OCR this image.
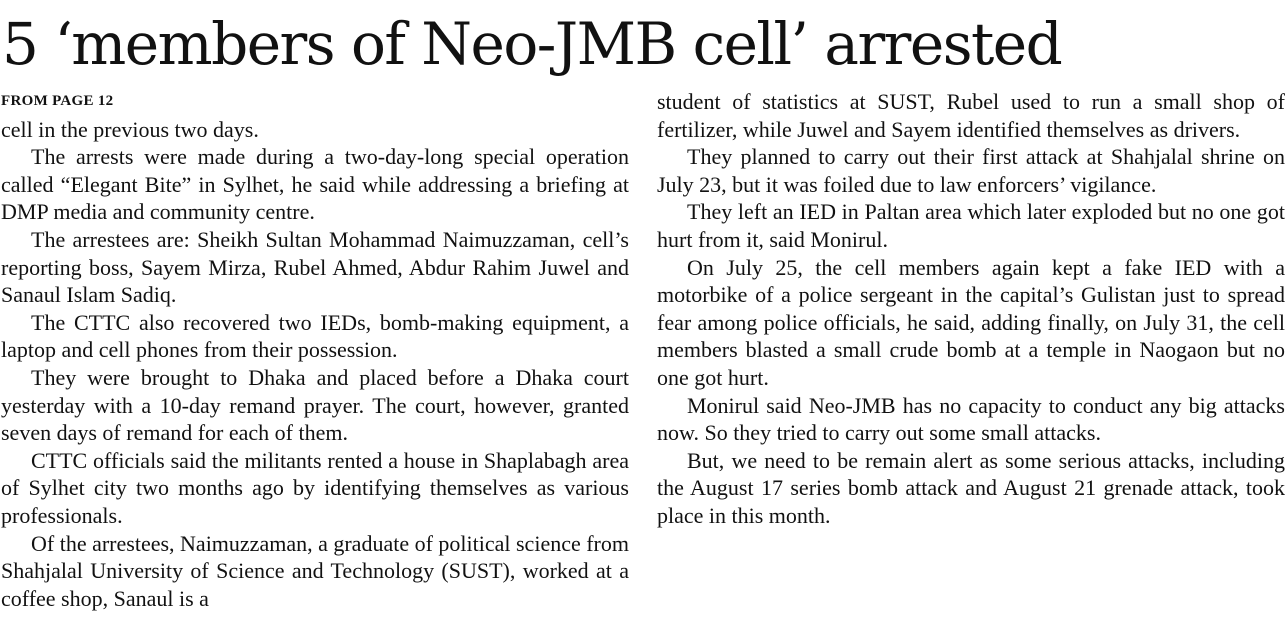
5 ‘members of Neo-JMB cell’ arrested
FROM PAGE 12

cell in the previous two days.

The arrests were made during a two-day-long special operation called “Elegant Bite” in Sylhet, he said while addressing a briefing at DMP media and community centre.

The arrestees are: Sheikh Sultan Mohammad Naimuzzaman, cell’s reporting boss, Sayem Mirza, Rubel Ahmed, Abdur Rahim Juwel and Sanaul Islam Sadiq.

The CTTC also recovered two IEDs, bomb-making equipment, a laptop and cell phones from their possession.

They were brought to Dhaka and placed before a Dhaka court yesterday with a 10-day remand prayer. The court, however, granted seven days of remand for each of them.

CTTC officials said the militants rented a house in Shaplabagh area of Sylhet city two months ago by identifying themselves as various professionals.

Of the arrestees, Naimuzzaman, a graduate of political science from Shahjalal University of Science and Technology (SUST), worked at a coffee shop, Sanaul is a

student of statistics at SUST, Rubel used to run a small shop of fertilizer, while Juwel and Sayem identified themselves as drivers.

They planned to carry out their first attack at Shahjalal shrine on July 23, but it was foiled due to law enforcers’ vigilance.

They left an IED in Paltan area which later exploded but no one got hurt from it, said Monirul.

On July 25, the cell members again kept a fake IED with a motorbike of a police sergeant in the capital’s Gulistan just to spread fear among police officials, he said, adding finally, on July 31, the cell members blasted a small crude bomb at a temple in Naogaon but no one got hurt.

Monirul said Neo-JMB has no capacity to conduct any big attacks now. So they tried to carry out some small attacks.

But, we need to be remain alert as some serious attacks, including the August 17 series bomb attack and August 21 grenade attack, took place in this month.
